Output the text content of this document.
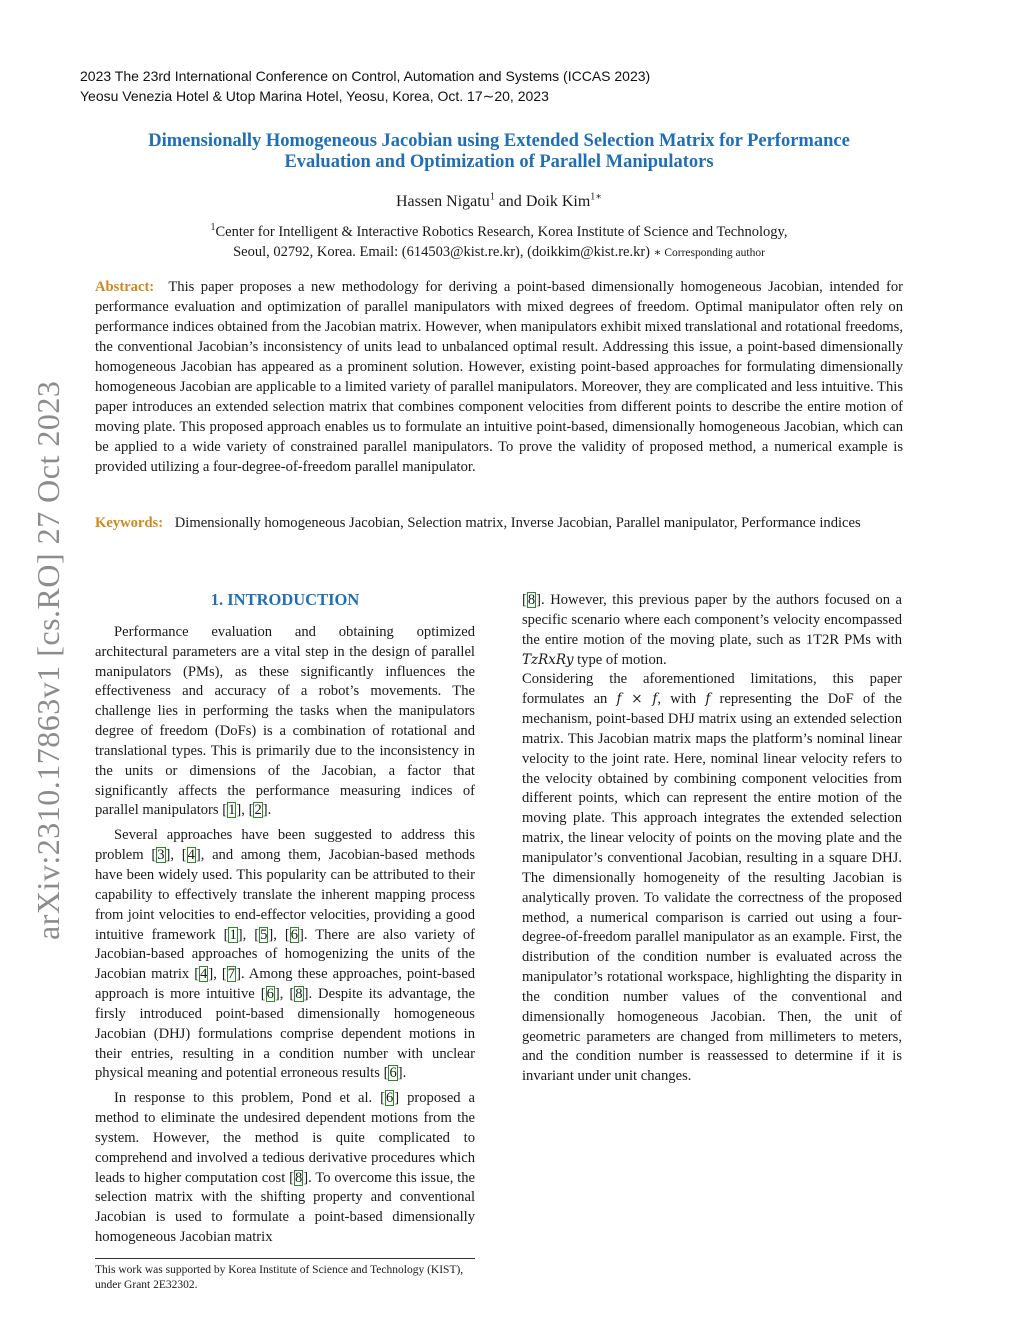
2023 The 23rd International Conference on Control, Automation and Systems (ICCAS 2023)
Yeosu Venezia Hotel & Utop Marina Hotel, Yeosu, Korea, Oct. 17∼20, 2023
arXiv:2310.17863v1 [cs.RO] 27 Oct 2023
Dimensionally Homogeneous Jacobian using Extended Selection Matrix for Performance
Evaluation and Optimization of Parallel Manipulators
Hassen Nigatu$^1$ and Doik Kim$^{1∗}$
$^1$Center for Intelligent & Interactive Robotics Research, Korea Institute of Science and Technology,
Seoul, 02792, Korea. Email: (614503@kist.re.kr), (doikkim@kist.re.kr) ∗ Corresponding author
Abstract: This paper proposes a new methodology for deriving a point-based dimensionally homogeneous Jacobian, intended for performance evaluation and optimization of parallel manipulators with mixed degrees of freedom. Optimal manipulator often rely on performance indices obtained from the Jacobian matrix. However, when manipulators exhibit mixed translational and rotational freedoms, the conventional Jacobian’s inconsistency of units lead to unbalanced optimal result. Addressing this issue, a point-based dimensionally homogeneous Jacobian has appeared as a prominent solution. However, existing point-based approaches for formulating dimensionally homogeneous Jacobian are applicable to a limited variety of parallel manipulators. Moreover, they are complicated and less intuitive. This paper introduces an extended selection matrix that combines component velocities from different points to describe the entire motion of moving plate. This proposed approach enables us to formulate an intuitive point-based, dimensionally homogeneous Jacobian, which can be applied to a wide variety of constrained parallel manipulators. To prove the validity of proposed method, a numerical example is provided utilizing a four-degree-of-freedom parallel manipulator.
Keywords: Dimensionally homogeneous Jacobian, Selection matrix, Inverse Jacobian, Parallel manipulator, Performance indices
1. INTRODUCTION

Performance evaluation and obtaining optimized architectural parameters are a vital step in the design of parallel manipulators (PMs), as these significantly influences the effectiveness and accuracy of a robot’s movements. The challenge lies in performing the tasks when the manipulators degree of freedom (DoFs) is a combination of rotational and translational types. This is primarily due to the inconsistency in the units or dimensions of the Jacobian, a factor that significantly affects the performance measuring indices of parallel manipulators [1], [2].

Several approaches have been suggested to address this problem [3], [4], and among them, Jacobian-based methods have been widely used. This popularity can be attributed to their capability to effectively translate the inherent mapping process from joint velocities to end-effector velocities, providing a good intuitive framework [1], [5], [6]. There are also variety of Jacobian-based approaches of homogenizing the units of the Jacobian matrix [4], [7]. Among these approaches, point-based approach is more intuitive [6], [8]. Despite its advantage, the firsly introduced point-based dimensionally homogeneous Jacobian (DHJ) formulations comprise dependent motions in their entries, resulting in a condition number with unclear physical meaning and potential erroneous results [6].

In response to this problem, Pond et al. [6] proposed a method to eliminate the undesired dependent motions from the system. However, the method is quite complicated to comprehend and involved a tedious derivative procedures which leads to higher computation cost [8]. To overcome this issue, the selection matrix with the shifting property and conventional Jacobian is used to formulate a point-based dimensionally homogeneous Jacobian matrix

[8]. However, this previous paper by the authors focused on a specific scenario where each component’s velocity encompassed the entire motion of the moving plate, such as 1T2R PMs with TzRxRy type of motion.

Considering the aforementioned limitations, this paper formulates an f × f, with f representing the DoF of the mechanism, point-based DHJ matrix using an extended selection matrix. This Jacobian matrix maps the platform’s nominal linear velocity to the joint rate. Here, nominal linear velocity refers to the velocity obtained by combining component velocities from different points, which can represent the entire motion of the moving plate. This approach integrates the extended selection matrix, the linear velocity of points on the moving plate and the manipulator’s conventional Jacobian, resulting in a square DHJ. The dimensionally homogeneity of the resulting Jacobian is analytically proven. To validate the correctness of the proposed method, a numerical comparison is carried out using a four-degree-of-freedom parallel manipulator as an example. First, the distribution of the condition number is evaluated across the manipulator’s rotational workspace, highlighting the disparity in the condition number values of the conventional and dimensionally homogeneous Jacobian. Then, the unit of geometric parameters are changed from millimeters to meters, and the condition number is reassessed to determine if it is invariant under unit changes.

This work was supported by Korea Institute of Science and Technology (KIST), under Grant 2E32302.
